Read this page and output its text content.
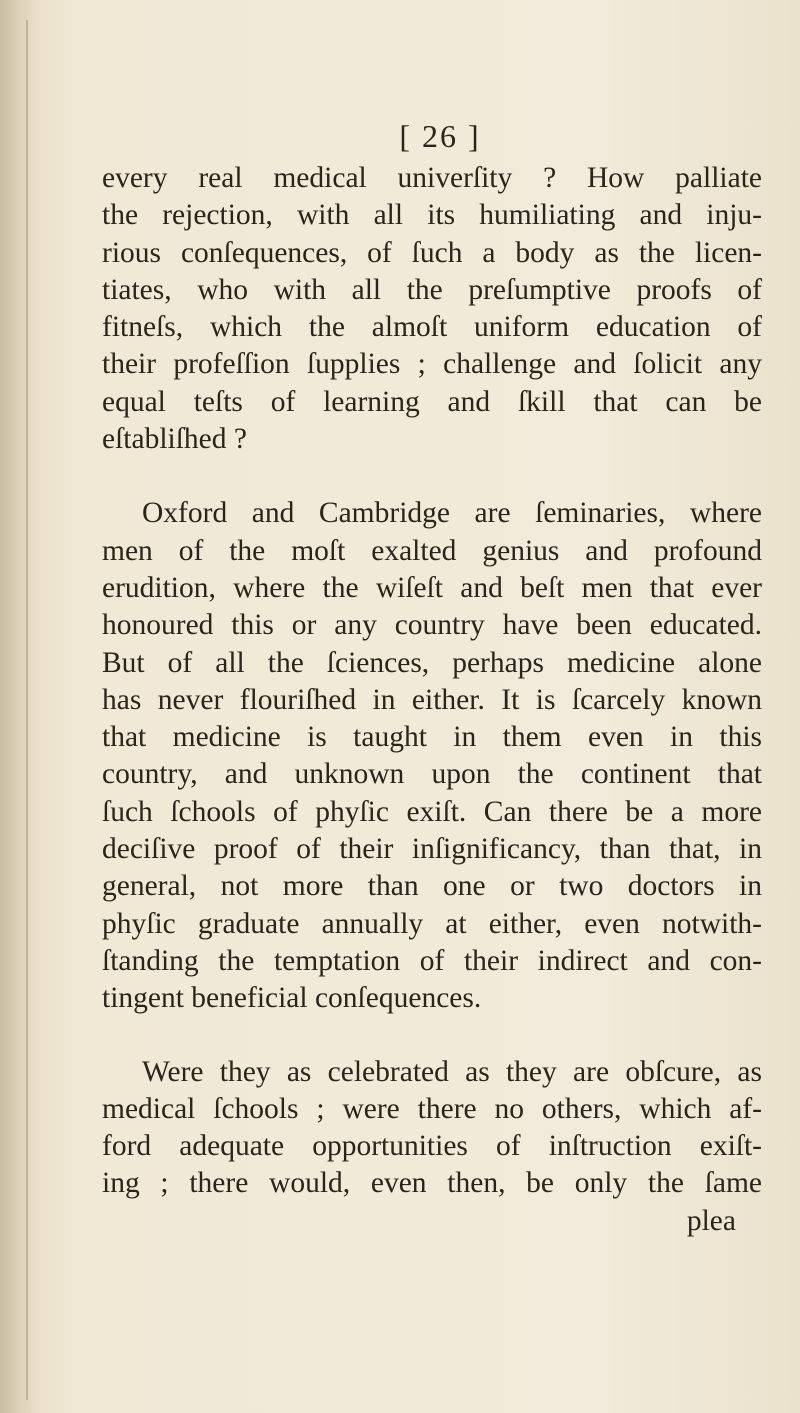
[ 26 ]
every real medical univerſity ? How palliate
the rejection, with all its humiliating and inju-
rious conſequences, of ſuch a body as the licen-
tiates, who with all the preſumptive proofs of
fitneſs, which the almoſt uniform education of
their profeſſion ſupplies ; challenge and ſolicit any
equal teſts of learning and ſkill that can be
eſtabliſhed ?
Oxford and Cambridge are ſeminaries, where
men of the moſt exalted genius and profound
erudition, where the wiſeſt and beſt men that ever
honoured this or any country have been educated.
But of all the ſciences, perhaps medicine alone
has never flouriſhed in either. It is ſcarcely known
that medicine is taught in them even in this
country, and unknown upon the continent that
ſuch ſchools of phyſic exiſt. Can there be a more
deciſive proof of their inſignificancy, than that, in
general, not more than one or two doctors in
phyſic graduate annually at either, even notwith-
ſtanding the temptation of their indirect and con-
tingent beneficial conſequences.
Were they as celebrated as they are obſcure, as
medical ſchools ; were there no others, which af-
ford adequate opportunities of inſtruction exiſt-
ing ; there would, even then, be only the ſame
plea
